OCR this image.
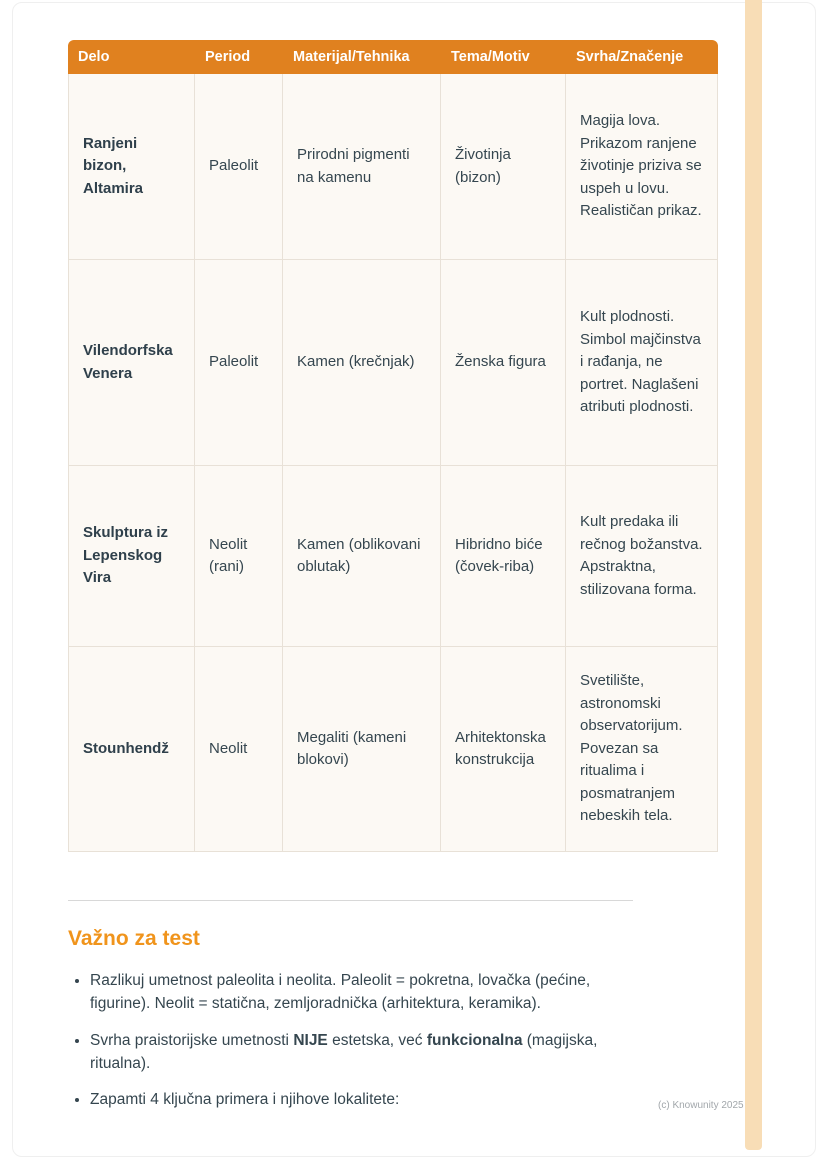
Delo	Period	Materijal/Tehnika	Tema/Motiv	Svrha/Značenje
Ranjeni bizon, Altamira	Paleolit	Prirodni pigmenti na kamenu	Životinja (bizon)	Magija lova. Prikazom ranjene životinje priziva se uspeh u lovu. Realističan prikaz.
Vilendorfska Venera	Paleolit	Kamen (krečnjak)	Ženska figura	Kult plodnosti. Simbol majčinstva i rađanja, ne portret. Naglašeni atributi plodnosti.
Skulptura iz Lepenskog Vira	Neolit (rani)	Kamen (oblikovani oblutak)	Hibridno biće (čovek-riba)	Kult predaka ili rečnog božanstva. Apstraktna, stilizovana forma.
Stounhendž	Neolit	Megaliti (kameni blokovi)	Arhitektonska konstrukcija	Svetilište, astronomski observatorijum. Povezan sa ritualima i posmatranjem nebeskih tela.
Važno za test
• Razlikuj umetnost paleolita i neolita. Paleolit = pokretna, lovačka (pećine, figurine). Neolit = statična, zemljoradnička (arhitektura, keramika).
• Svrha praistorijske umetnosti NIJE estetska, već funkcionalna (magijska, ritualna).
• Zapamti 4 ključna primera i njihove lokalitete:	(c) Knowunity 2025
